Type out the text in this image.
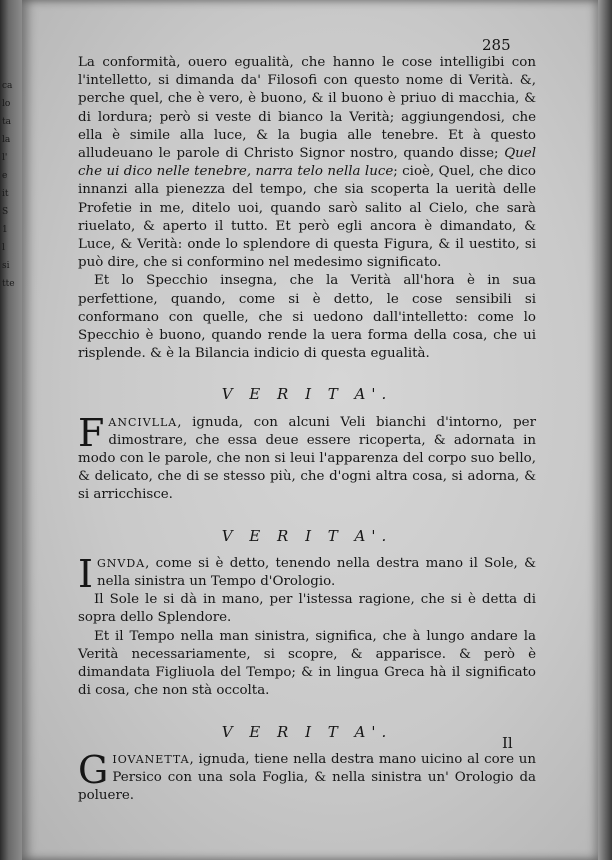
ca
lo
ta
la
l'
e
it
S
1
l
si
tte
285

La conformità, ouero egualità, che hanno le cose intelligibi con l'intelletto, si dimanda da' Filosofi con questo nome di Verità. &, perche quel, che è vero, è buono, & il buono è priuo di macchia, & di lordura; però si veste di bianco la Verità; aggiungendosi, che ella è simile alla luce, & la bugia alle tenebre. Et à questo alludeuano le parole di Christo Signor nostro, quando disse; Quel che ui dico nelle tenebre, narra telo nella luce; cioè, Quel, che dico innanzi alla pienezza del tempo, che sia scoperta la uerità delle Profetie in me, ditelo uoi, quando sarò salito al Cielo, che sarà riuelato, & aperto il tutto. Et però egli ancora è dimandato, & Luce, & Verità: onde lo splendore di questa Figura, & il uestito, si può dire, che si conformino nel medesimo significato.

Et lo Specchio insegna, che la Verità all'hora è in sua perfettione, quando, come si è detto, le cose sensibili si conformano con quelle, che si uedono dall'intelletto: come lo Specchio è buono, quando rende la uera forma della cosa, che ui risplende. & è la Bilancia indicio di questa egualità.

V E R I T A'.

FANCIVLLA, ignuda, con alcuni Veli bianchi d'intorno, per dimostrare, che essa deue essere ricoperta, & adornata in modo con le parole, che non si leui l'apparenza del corpo suo bello, & delicato, che di se stesso più, che d'ogni altra cosa, si adorna, & si arricchisce.

V E R I T A'.

IGNVDA, come si è detto, tenendo nella destra mano il Sole, & nella sinistra un Tempo d'Orologio.

Il Sole le si dà in mano, per l'istessa ragione, che si è detta di sopra dello Splendore.

Et il Tempo nella man sinistra, significa, che à lungo andare la Verità necessariamente, si scopre, & apparisce. & però è dimandata Figliuola del Tempo; & in lingua Greca hà il significato di cosa, che non stà occolta.

V E R I T A'.

GIOVANETTA, ignuda, tiene nella destra mano uicino al core un Persico con una sola Foglia, & nella sinistra un' Orologio da poluere.

Il
